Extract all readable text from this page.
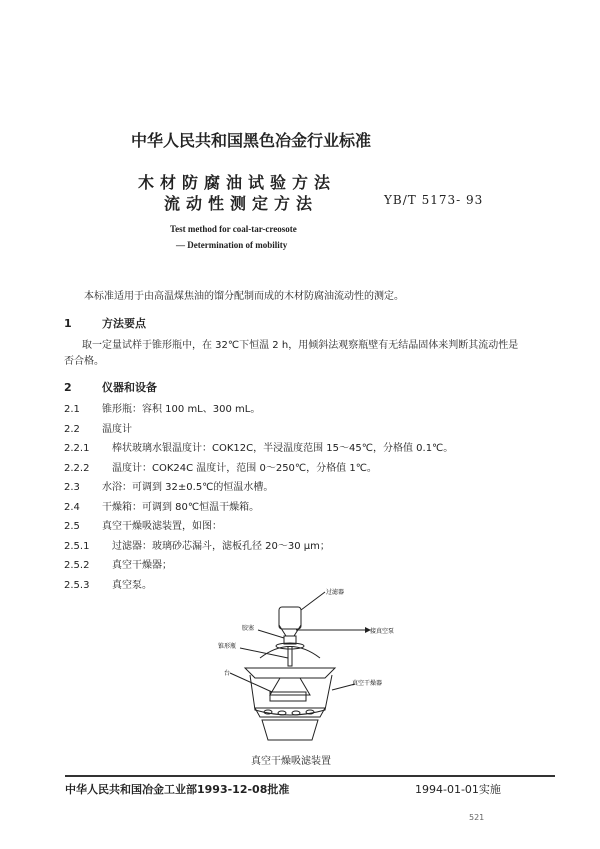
中华人民共和国黑色冶金行业标准
木材防腐油试验方法
流动性测定方法	YB/T 5173- 93
Test method for coal-tar-creosote
— Determination of mobility
本标准适用于由高温煤焦油的馏分配制而成的木材防腐油流动性的测定。
1	方法要点
取一定量试样于锥形瓶中，在 32℃下恒温 2 h，用倾斜法观察瓶壁有无结晶固体来判断其流动性是
否合格。
2	仪器和设备
2.1 锥形瓶：容积 100 mL、300 mL。
2.2 温度计
2.2.1 棒状玻璃水银温度计：COK12C，半浸温度范围 15～45℃，分格值 0.1℃。
2.2.2 温度计：COK24C 温度计，范围 0～250℃，分格值 1℃。
2.3 水浴：可调到 32±0.5℃的恒温水槽。
2.4 干燥箱：可调到 80℃恒温干燥箱。
2.5 真空干燥吸滤装置，如图：
2.5.1 过滤器：玻璃砂芯漏斗，滤板孔径 20～30 μm；
2.5.2 真空干燥器；
2.5.3 真空泵。
过滤器
胶塞	接真空泵
锥形瓶
台
真空干燥器
真空干燥吸滤装置
中华人民共和国冶金工业部1993-12-08批准	1994-01-01实施
521
